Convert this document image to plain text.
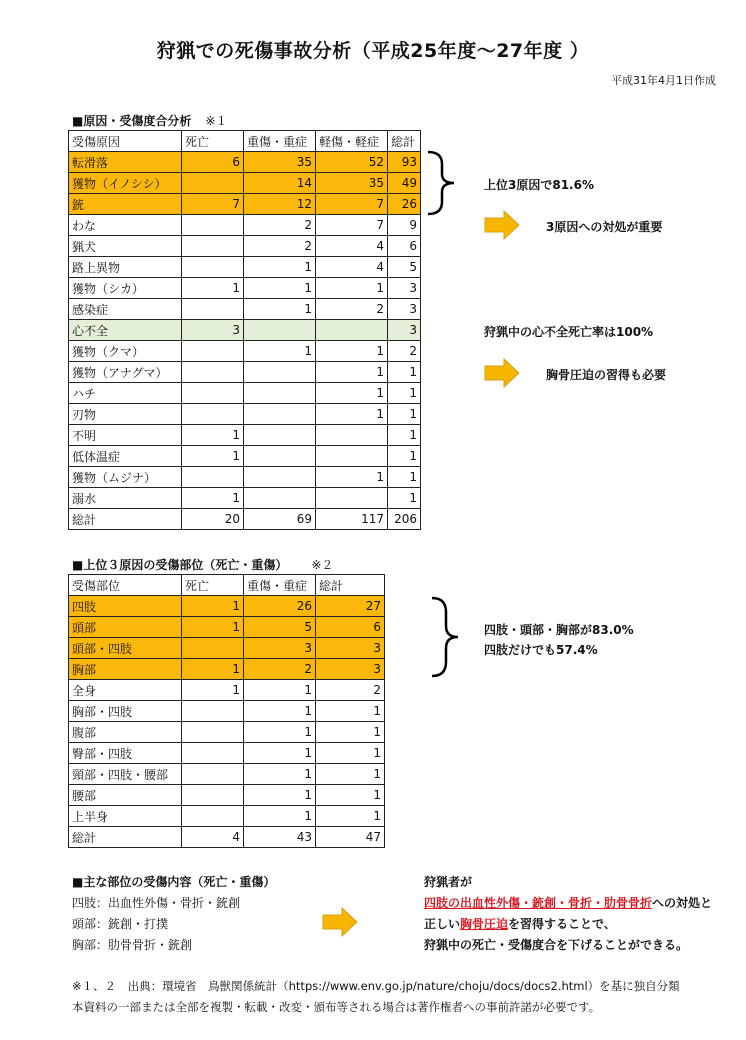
狩猟での死傷事故分析（平成25年度～27年度 ）
平成31年4月1日作成
■原因・受傷度合分析 ※１
受傷原因	死亡	重傷・重症	軽傷・軽症	総計
転滑落	6	35	52	93
獲物（イノシシ）		14	35	49
銃	7	12	7	26
わな		2	7	9
猟犬		2	4	6
路上異物		1	4	5
獲物（シカ）	1	1	1	3
感染症		1	2	3
心不全	3			3
獲物（クマ）		1	1	2
獲物（アナグマ）			1	1
ハチ			1	1
刃物			1	1
不明	1			1
低体温症	1			1
獲物（ムジナ）			1	1
溺水	1			1
総計	20	69	117	206
上位3原因で81.6%
3原因への対処が重要
狩猟中の心不全死亡率は100%
胸骨圧迫の習得も必要
■上位３原因の受傷部位（死亡・重傷） ※２
受傷部位	死亡	重傷・重症	総計
四肢	1	26	27
頭部	1	5	6
頭部・四肢		3	3
胸部	1	2	3
全身	1	1	2
胸部・四肢		1	1
腹部		1	1
臀部・四肢		1	1
頸部・四肢・腰部		1	1
腰部		1	1
上半身		1	1
総計	4	43	47
四肢・頭部・胸部が83.0%
四肢だけでも57.4%
■主な部位の受傷内容（死亡・重傷）
四肢：出血性外傷・骨折・銃創
頭部：銃創・打撲
胸部：肋骨骨折・銃創
狩猟者が
四肢の出血性外傷・銃創・骨折・肋骨骨折への対処と
正しい胸骨圧迫を習得することで、
狩猟中の死亡・受傷度合を下げることができる。
※１、２　出典：環境省　鳥獣関係統計（https://www.env.go.jp/nature/choju/docs/docs2.html）を基に独自分類
本資料の一部または全部を複製・転載・改変・頒布等される場合は著作権者への事前許諾が必要です。
